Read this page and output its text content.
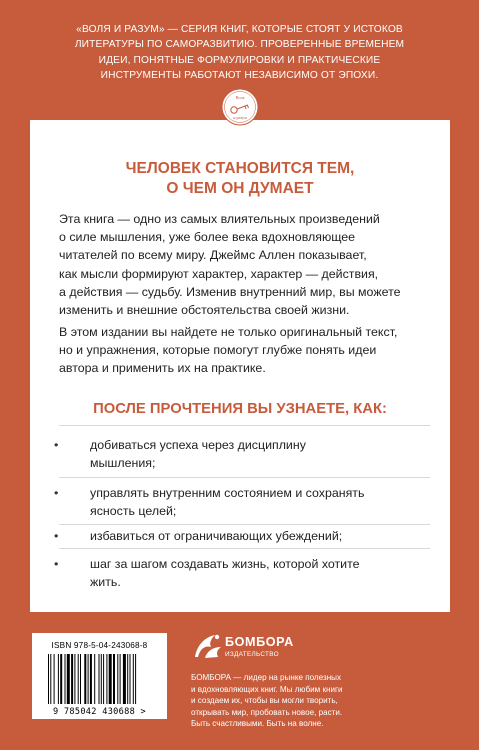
«ВОЛЯ И РАЗУМ» — СЕРИЯ КНИГ, КОТОРЫЕ СТОЯТ У ИСТОКОВ
ЛИТЕРАТУРЫ ПО САМОРАЗВИТИЮ. ПРОВЕРЕННЫЕ ВРЕМЕНЕМ
ИДЕИ, ПОНЯТНЫЕ ФОРМУЛИРОВКИ И ПРАКТИЧЕСКИЕ
ИНСТРУМЕНТЫ РАБОТАЮТ НЕЗАВИСИМО ОТ ЭПОХИ.
ЧЕЛОВЕК СТАНОВИТСЯ ТЕМ,
О ЧЕМ ОН ДУМАЕТ
Эта книга — одно из самых влиятельных произведений
о силе мышления, уже более века вдохновляющее
читателей по всему миру. Джеймс Аллен показывает,
как мысли формируют характер, характер — действия,
а действия — судьбу. Изменив внутренний мир, вы можете
изменить и внешние обстоятельства своей жизни.
В этом издании вы найдете не только оригинальный текст,
но и упражнения, которые помогут глубже понять идеи
автора и применить их на практике.
ПОСЛЕ ПРОЧТЕНИЯ ВЫ УЗНАЕТЕ, КАК:
•	добиваться успеха через дисциплину
мышления;
•	управлять внутренним состоянием и сохранять
ясность целей;
•	избавиться от ограничивающих убеждений;
•	шаг за шагом создавать жизнь, которой хотите
жить.
Воля
и разум
ISBN 978-5-04-243068-8
9 785042 430688 >
БОМБОРА
ИЗДАТЕЛЬСТВО
БОМБОРА — лидер на рынке полезных
и вдохновляющих книг. Мы любим книги
и создаем их, чтобы вы могли творить,
открывать мир, пробовать новое, расти.
Быть счастливыми. Быть на волне.
